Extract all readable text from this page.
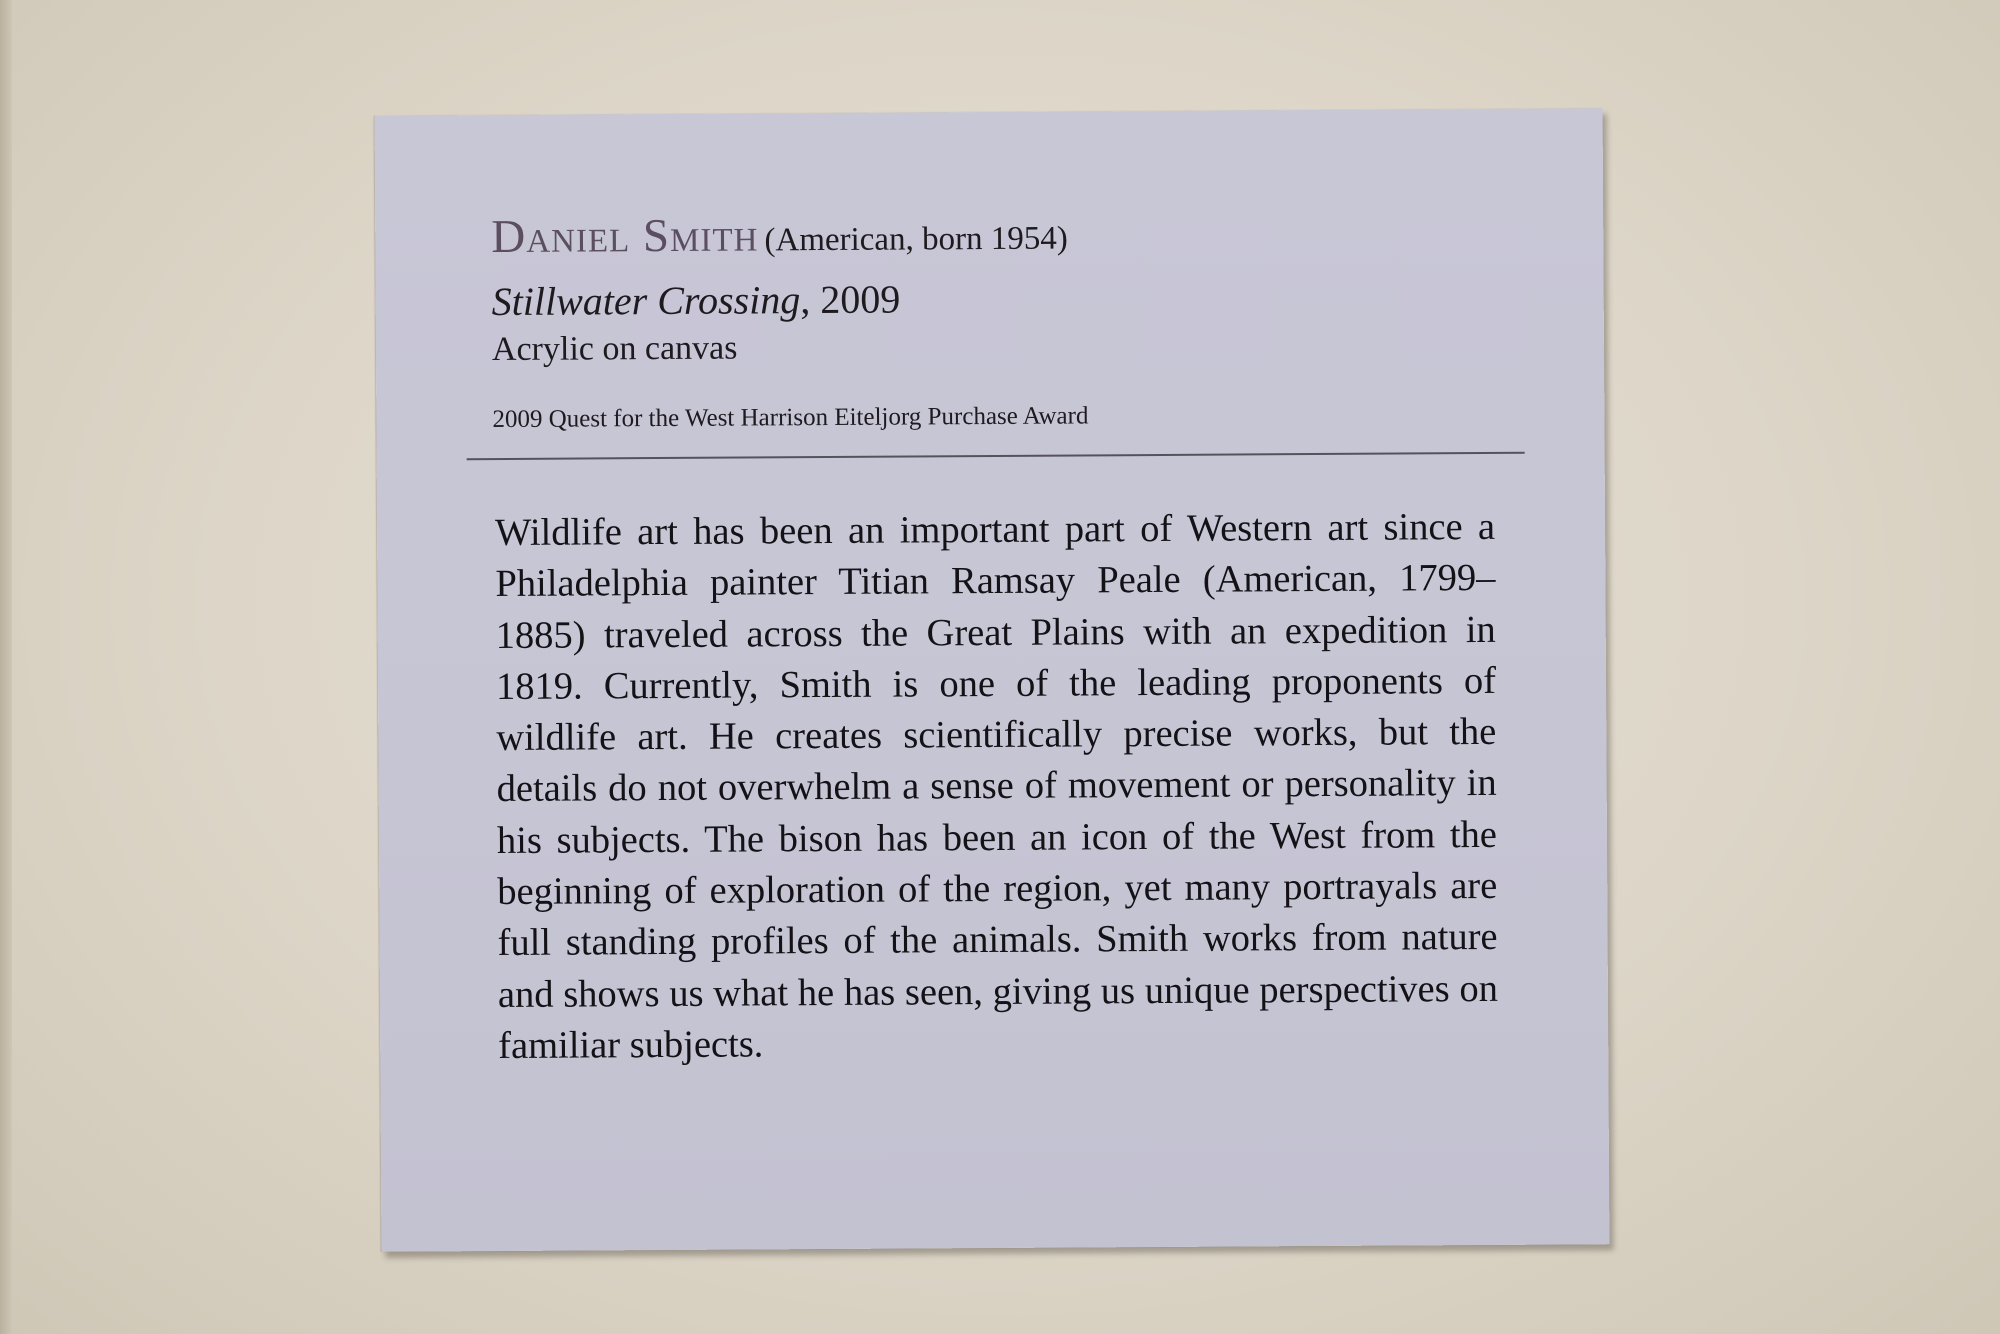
Daniel Smith (American, born 1954)

Stillwater Crossing, 2009

Acrylic on canvas

2009 Quest for the West Harrison Eiteljorg Purchase Award

Wildlife art has been an important part of Western art since a Philadelphia painter Titian Ramsay Peale (American, 1799–1885) traveled across the Great Plains with an expedition in 1819. Currently, Smith is one of the leading proponents of wildlife art. He creates scientifically precise works, but the details do not overwhelm a sense of movement or personality in his subjects. The bison has been an icon of the West from the beginning of exploration of the region, yet many portrayals are full standing profiles of the animals. Smith works from nature and shows us what he has seen, giving us unique perspectives on familiar subjects.
